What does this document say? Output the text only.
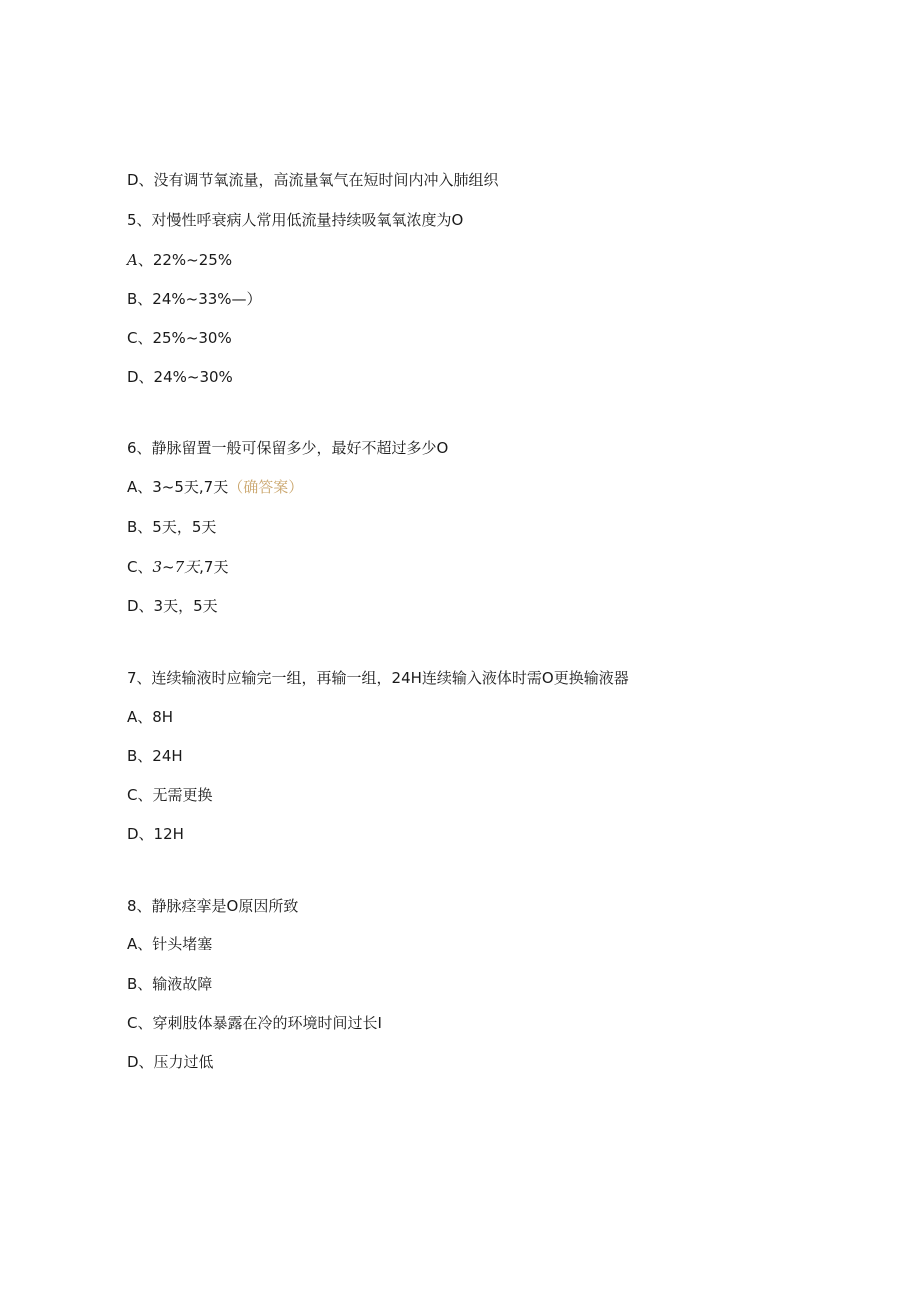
D、没有调节氧流量，高流量氧气在短时间内冲入肺组织
5、对慢性呼衰病人常用低流量持续吸氧氧浓度为O
A、22%~25%
B、24%~33%—）
C、25%~30%
D、24%~30%
6、静脉留置一般可保留多少，最好不超过多少O
A、3~5天,7天（确答案）
B、5天，5天
C、3~7天,7天
D、3天，5天
7、连续输液时应输完一组，再输一组，24H连续输入液体时需O更换输液器
A、8H
B、24H
C、无需更换
D、12H
8、静脉痉挛是O原因所致
A、针头堵塞
B、输液故障
C、穿刺肢体暴露在冷的环境时间过长I
D、压力过低
